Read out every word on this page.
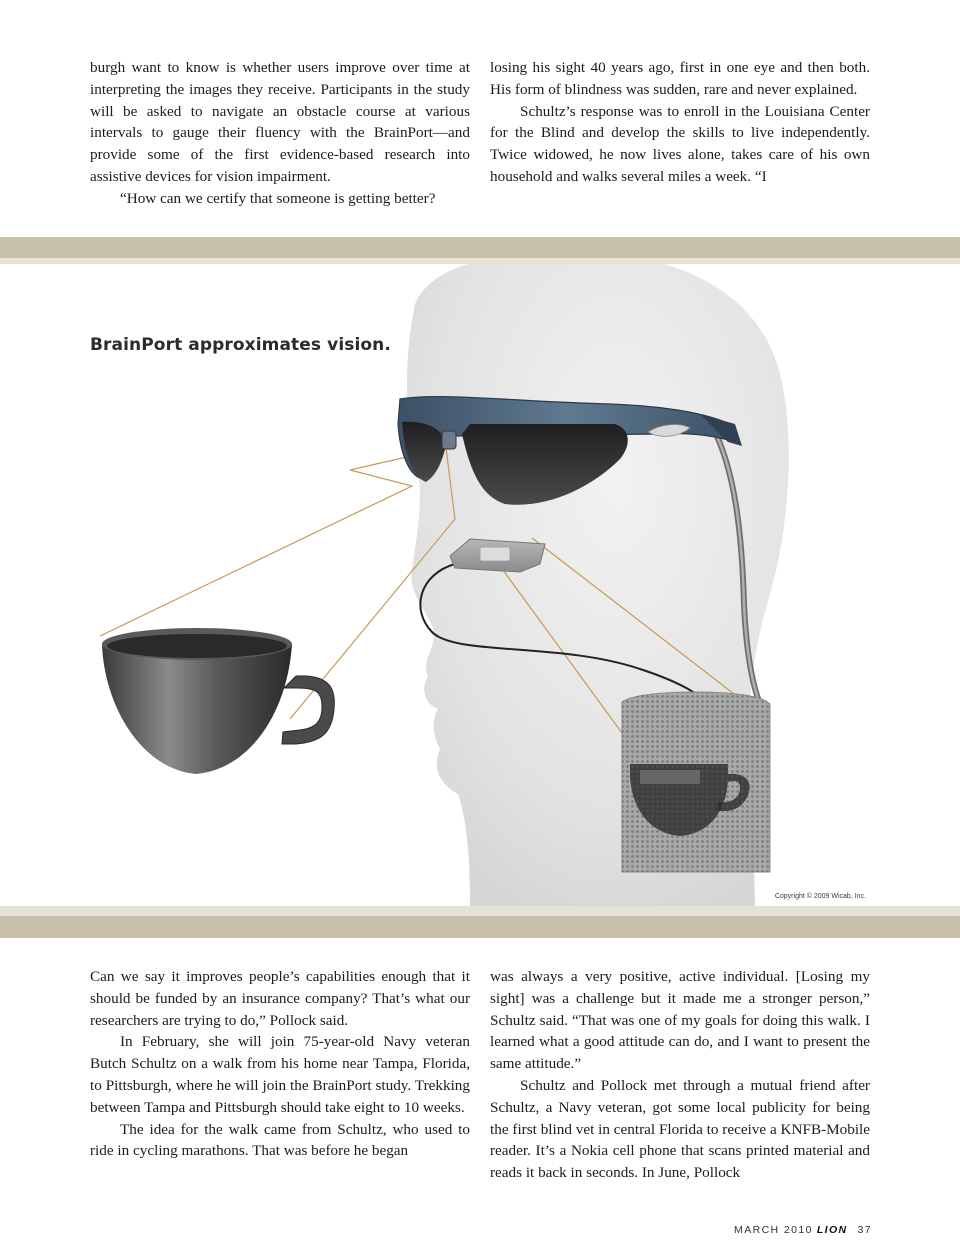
burgh want to know is whether users improve over time at interpreting the images they receive. Participants in the study will be asked to navigate an obstacle course at various intervals to gauge their fluency with the BrainPort—and provide some of the first evidence-based research into assistive devices for vision impairment.

“How can we certify that someone is getting better?

losing his sight 40 years ago, first in one eye and then both. His form of blindness was sudden, rare and never explained.

Schultz’s response was to enroll in the Louisiana Center for the Blind and develop the skills to live independently. Twice widowed, he now lives alone, takes care of his own household and walks several miles a week. “I

BrainPort approximates vision.
Copyright © 2009 Wicab, Inc.

Can we say it improves people’s capabilities enough that it should be funded by an insurance company? That’s what our researchers are trying to do,” Pollock said.

In February, she will join 75-year-old Navy veteran Butch Schultz on a walk from his home near Tampa, Florida, to Pittsburgh, where he will join the BrainPort study. Trekking between Tampa and Pittsburgh should take eight to 10 weeks.

The idea for the walk came from Schultz, who used to ride in cycling marathons. That was before he began

was always a very positive, active individual. [Losing my sight] was a challenge but it made me a stronger person,” Schultz said. “That was one of my goals for doing this walk. I learned what a good attitude can do, and I want to present the same attitude.”

Schultz and Pollock met through a mutual friend after Schultz, a Navy veteran, got some local publicity for being the first blind vet in central Florida to receive a KNFB-Mobile reader. It’s a Nokia cell phone that scans printed material and reads it back in seconds. In June, Pollock

MARCH 2010 LION 37
